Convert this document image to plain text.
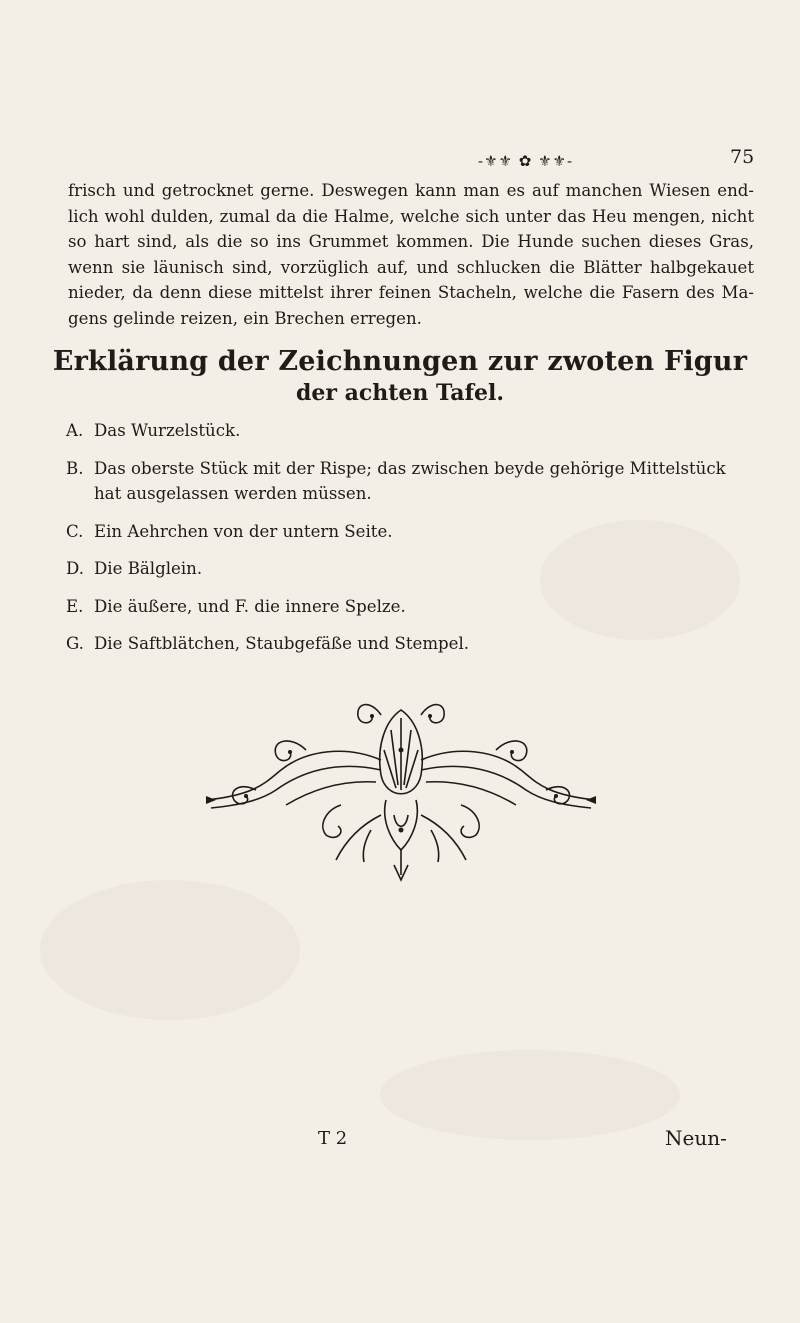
-⚜⚜ ✿ ⚜⚜-	75
frisch und getrocknet gerne. Deswegen kann man es auf manchen Wiesen end-
lich wohl dulden, zumal da die Halme, welche sich unter das Heu mengen, nicht
so hart sind, als die so ins Grummet kommen. Die Hunde suchen dieses Gras,
wenn sie läunisch sind, vorzüglich auf, und schlucken die Blätter halbgekauet
nieder, da denn diese mittelst ihrer feinen Stacheln, welche die Fasern des Ma-
gens gelinde reizen, ein Brechen erregen.
Erklärung der Zeichnungen zur zwoten Figur
der achten Tafel.
A. Das Wurzelstück.
B. Das oberste Stück mit der Rispe; das zwischen beyde gehörige Mittelstück hat ausgelassen werden müssen.
C. Ein Aehrchen von der untern Seite.
D. Die Bälglein.
E. Die äußere, und F. die innere Spelze.
G. Die Saftblätchen, Staubgefäße und Stempel.
T 2	Neun-
